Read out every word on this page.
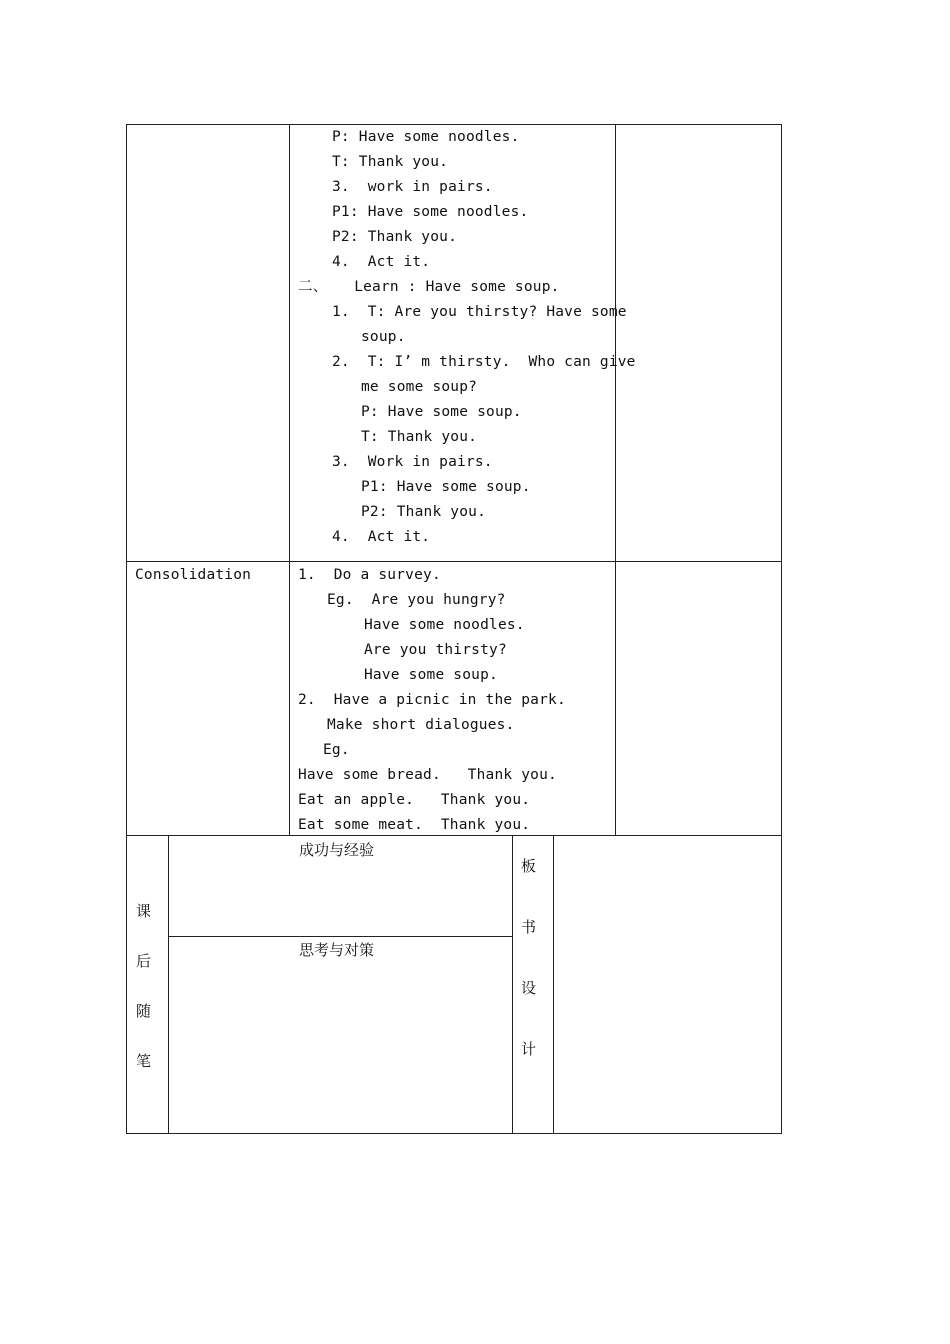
P: Have some noodles.
T: Thank you.
3.  work in pairs.
P1: Have some noodles.
P2: Thank you.
4.  Act it.
二、   Learn : Have some soup.
1.  T: Are you thirsty? Have some
soup.
2.  T: I’ m thirsty.  Who can give
me some soup?
P: Have some soup.
T: Thank you.
3.  Work in pairs.
P1: Have some soup.
P2: Thank you.
4.  Act it.
Consolidation	1.  Do a survey.
Eg.  Are you hungry?
Have some noodles.
Are you thirsty?
Have some soup.
2.  Have a picnic in the park.
Make short dialogues.
Eg.
Have some bread.   Thank you.
Eat an apple.   Thank you.
Eat some meat.  Thank you.
课
后
随
笔
成功与经验
思考与对策
板
书
设
计
